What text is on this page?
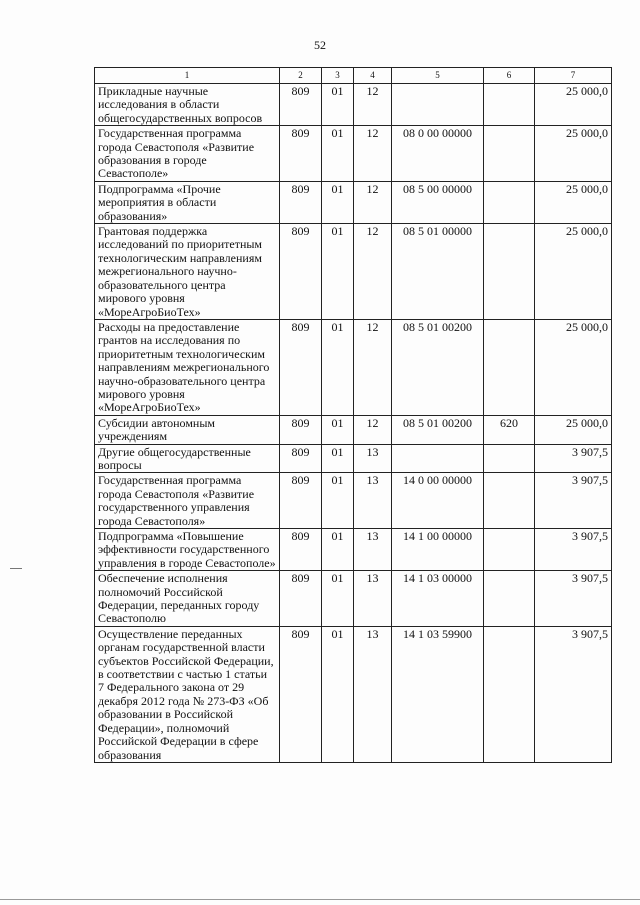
52
1	2	3	4	5	6	7
Прикладные научные исследования в области общегосударственных вопросов	809	01	12			25 000,0
Государственная программа города Севастополя «Развитие образования в городе Севастополе»	809	01	12	08 0 00 00000		25 000,0
Подпрограмма «Прочие мероприятия в области образования»	809	01	12	08 5 00 00000		25 000,0
Грантовая поддержка исследований по приоритетным технологическим направлениям межрегионального научно-образовательного центра мирового уровня «МореАгроБиоТех»	809	01	12	08 5 01 00000		25 000,0
Расходы на предоставление грантов на исследования по приоритетным технологическим направлениям межрегионального научно-образовательного центра мирового уровня «МореАгроБиоТех»	809	01	12	08 5 01 00200		25 000,0
Субсидии автономным учреждениям	809	01	12	08 5 01 00200	620	25 000,0
Другие общегосударственные вопросы	809	01	13			3 907,5
Государственная программа города Севастополя «Развитие государственного управления города Севастополя»	809	01	13	14 0 00 00000		3 907,5
Подпрограмма «Повышение эффективности государственного управления в городе Севастополе»	809	01	13	14 1 00 00000		3 907,5
Обеспечение исполнения полномочий Российской Федерации, переданных городу Севастополю	809	01	13	14 1 03 00000		3 907,5
Осуществление переданных органам государственной власти субъектов Российской Федерации, в соответствии с частью 1 статьи 7 Федерального закона от 29 декабря 2012 года № 273-ФЗ «Об образовании в Российской Федерации», полномочий Российской Федерации в сфере образования	809	01	13	14 1 03 59900		3 907,5
